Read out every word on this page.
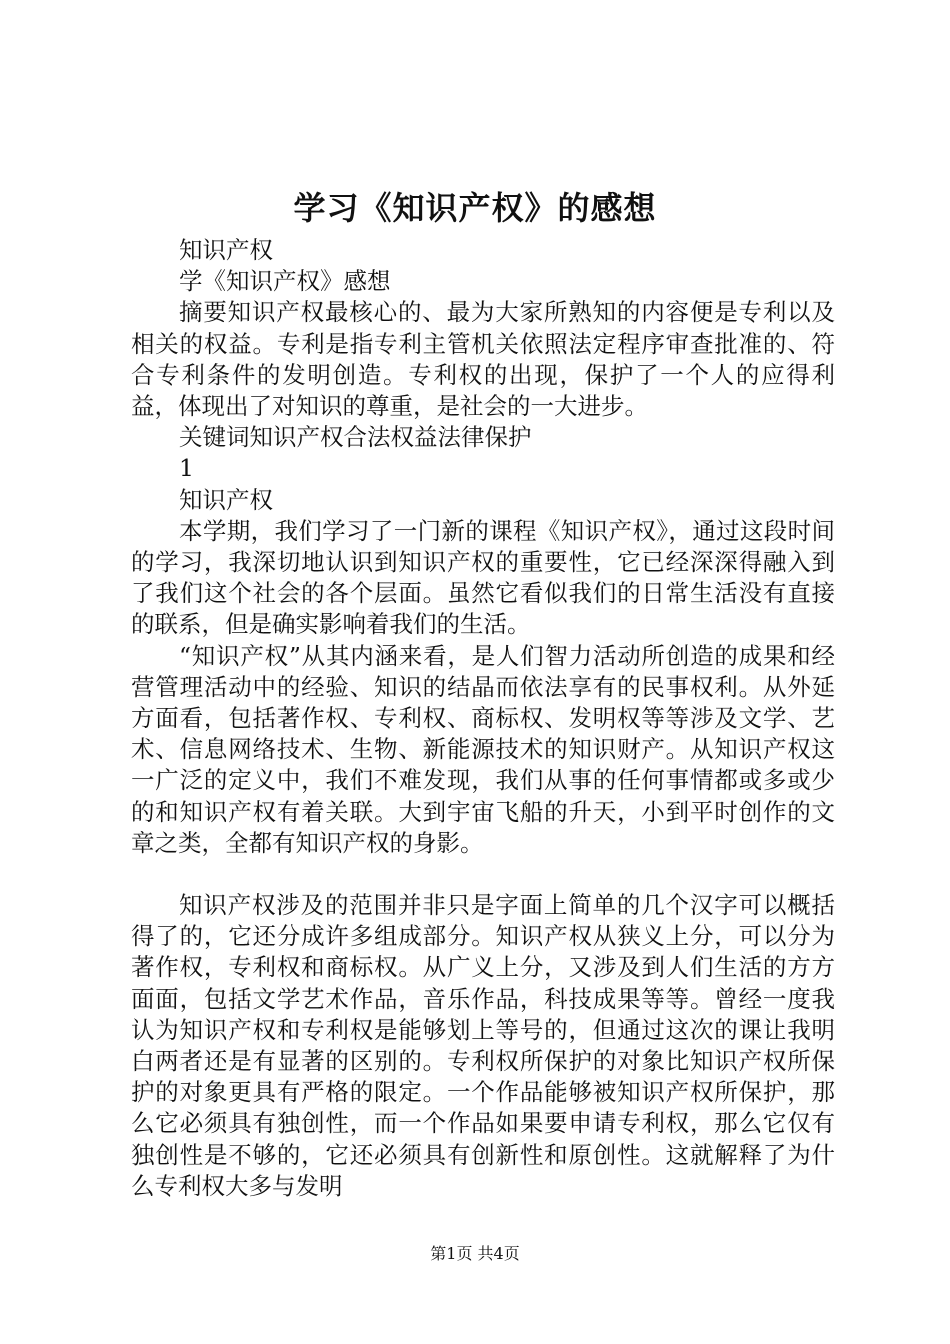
学习《知识产权》的感想

知识产权

学《知识产权》感想

摘要知识产权最核心的、最为大家所熟知的内容便是专利以及相关的权益。专利是指专利主管机关依照法定程序审查批准的、符合专利条件的发明创造。专利权的出现，保护了一个人的应得利益，体现出了对知识的尊重，是社会的一大进步。

关键词知识产权合法权益法律保护

1

知识产权

本学期，我们学习了一门新的课程《知识产权》，通过这段时间的学习，我深切地认识到知识产权的重要性，它已经深深得融入到了我们这个社会的各个层面。虽然它看似我们的日常生活没有直接的联系，但是确实影响着我们的生活。

“知识产权”从其内涵来看，是人们智力活动所创造的成果和经营管理活动中的经验、知识的结晶而依法享有的民事权利。从外延方面看，包括著作权、专利权、商标权、发明权等等涉及文学、艺术、信息网络技术、生物、新能源技术的知识财产。从知识产权这一广泛的定义中，我们不难发现，我们从事的任何事情都或多或少的和知识产权有着关联。大到宇宙飞船的升天，小到平时创作的文章之类，全都有知识产权的身影。

知识产权涉及的范围并非只是字面上简单的几个汉字可以概括得了的，它还分成许多组成部分。知识产权从狭义上分，可以分为著作权，专利权和商标权。从广义上分，又涉及到人们生活的方方面面，包括文学艺术作品，音乐作品，科技成果等等。曾经一度我认为知识产权和专利权是能够划上等号的，但通过这次的课让我明白两者还是有显著的区别的。专利权所保护的对象比知识产权所保护的对象更具有严格的限定。一个作品能够被知识产权所保护，那么它必须具有独创性，而一个作品如果要申请专利权，那么它仅有独创性是不够的，它还必须具有创新性和原创性。这就解释了为什么专利权大多与发明

第1页 共4页
